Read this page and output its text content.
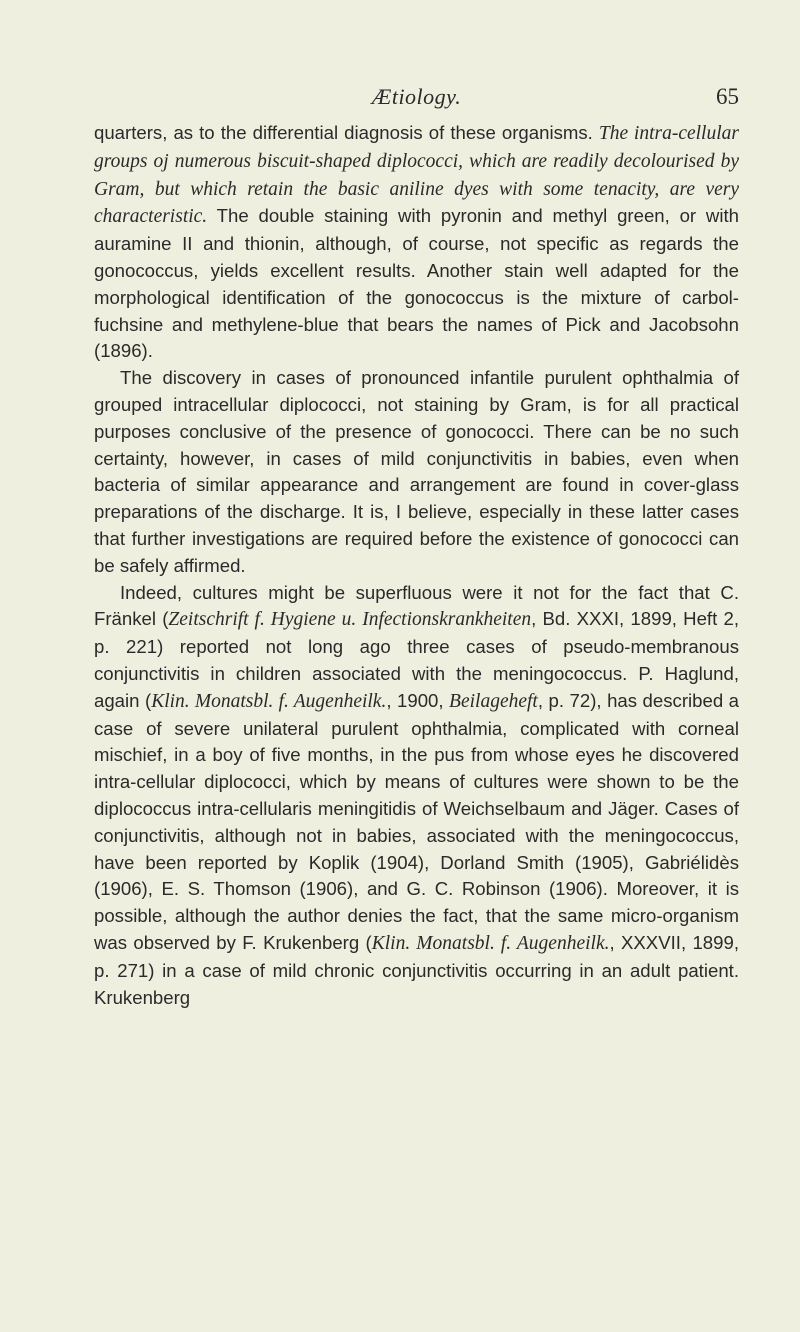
Ætiology.	65

quarters, as to the differential diagnosis of these organisms. The intra-cellular groups oj numerous biscuit-shaped diplococci, which are readily decolourised by Gram, but which retain the basic aniline dyes with some tenacity, are very characteristic. The double staining with pyronin and methyl green, or with auramine II and thionin, although, of course, not specific as regards the gonococcus, yields excellent results. Another stain well adapted for the morphological identification of the gonococcus is the mixture of carbol-fuchsine and methylene-blue that bears the names of Pick and Jacobsohn (1896).

The discovery in cases of pronounced infantile purulent ophthalmia of grouped intracellular diplococci, not staining by Gram, is for all practical purposes conclusive of the presence of gonococci. There can be no such certainty, however, in cases of mild conjunctivitis in babies, even when bacteria of similar appearance and arrangement are found in cover-glass preparations of the discharge. It is, I believe, especially in these latter cases that further investigations are required before the existence of gonococci can be safely affirmed.

Indeed, cultures might be superfluous were it not for the fact that C. Fränkel (Zeitschrift f. Hygiene u. Infectionskrankheiten, Bd. XXXI, 1899, Heft 2, p. 221) reported not long ago three cases of pseudo-membranous conjunctivitis in children associated with the meningococcus. P. Haglund, again (Klin. Monatsbl. f. Augenheilk., 1900, Beilageheft, p. 72), has described a case of severe unilateral purulent ophthalmia, complicated with corneal mischief, in a boy of five months, in the pus from whose eyes he discovered intra-cellular diplococci, which by means of cultures were shown to be the diplococcus intra-cellularis meningitidis of Weichselbaum and Jäger. Cases of conjunctivitis, although not in babies, associated with the meningococcus, have been reported by Koplik (1904), Dorland Smith (1905), Gabriélidès (1906), E. S. Thomson (1906), and G. C. Robinson (1906). Moreover, it is possible, although the author denies the fact, that the same micro-organism was observed by F. Krukenberg (Klin. Monatsbl. f. Augenheilk., XXXVII, 1899, p. 271) in a case of mild chronic conjunctivitis occurring in an adult patient. Krukenberg
